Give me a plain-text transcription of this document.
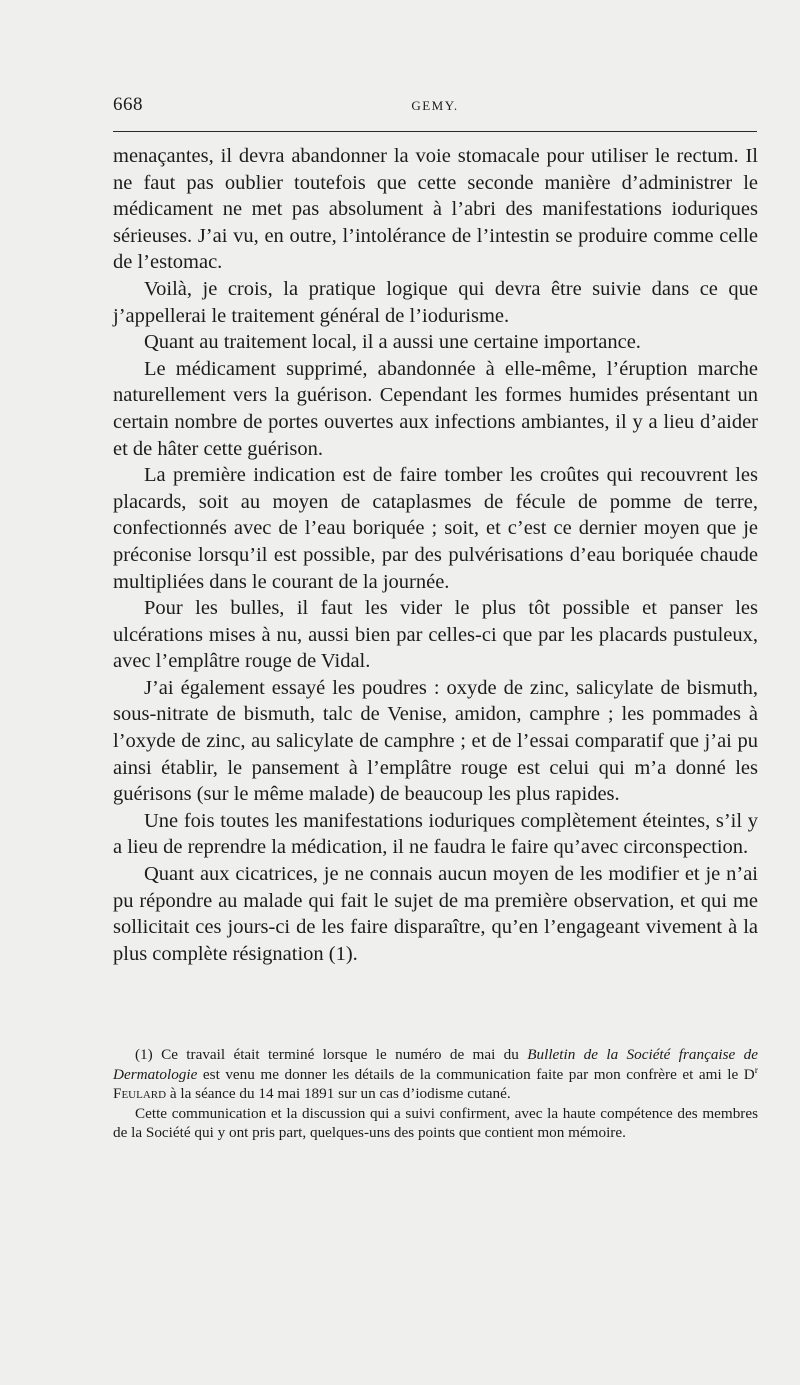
668	GEMY.

menaçantes, il devra abandonner la voie stomacale pour utiliser le rectum. Il ne faut pas oublier toutefois que cette seconde manière d’administrer le médicament ne met pas absolument à l’abri des manifestations ioduriques sérieuses. J’ai vu, en outre, l’intolérance de l’intestin se produire comme celle de l’estomac.

Voilà, je crois, la pratique logique qui devra être suivie dans ce que j’appellerai le traitement général de l’iodurisme.

Quant au traitement local, il a aussi une certaine importance.

Le médicament supprimé, abandonnée à elle-même, l’éruption marche naturellement vers la guérison. Cependant les formes humides présentant un certain nombre de portes ouvertes aux infections ambiantes, il y a lieu d’aider et de hâter cette guérison.

La première indication est de faire tomber les croûtes qui recouvrent les placards, soit au moyen de cataplasmes de fécule de pomme de terre, confectionnés avec de l’eau boriquée ; soit, et c’est ce dernier moyen que je préconise lorsqu’il est possible, par des pulvérisations d’eau boriquée chaude multipliées dans le courant de la journée.

Pour les bulles, il faut les vider le plus tôt possible et panser les ulcérations mises à nu, aussi bien par celles-ci que par les placards pustuleux, avec l’emplâtre rouge de Vidal.

J’ai également essayé les poudres : oxyde de zinc, salicylate de bismuth, sous-nitrate de bismuth, talc de Venise, amidon, camphre ; les pommades à l’oxyde de zinc, au salicylate de camphre ; et de l’essai comparatif que j’ai pu ainsi établir, le pansement à l’emplâtre rouge est celui qui m’a donné les guérisons (sur le même malade) de beaucoup les plus rapides.

Une fois toutes les manifestations ioduriques complètement éteintes, s’il y a lieu de reprendre la médication, il ne faudra le faire qu’avec circonspection.

Quant aux cicatrices, je ne connais aucun moyen de les modifier et je n’ai pu répondre au malade qui fait le sujet de ma première observation, et qui me sollicitait ces jours-ci de les faire disparaître, qu’en l’engageant vivement à la plus complète résignation (1).

(1) Ce travail était terminé lorsque le numéro de mai du Bulletin de la Société française de Dermatologie est venu me donner les détails de la communication faite par mon confrère et ami le $D^r$ Feulard à la séance du 14 mai 1891 sur un cas d’iodisme cutané.

Cette communication et la discussion qui a suivi confirment, avec la haute compétence des membres de la Société qui y ont pris part, quelques-uns des points que contient mon mémoire.
